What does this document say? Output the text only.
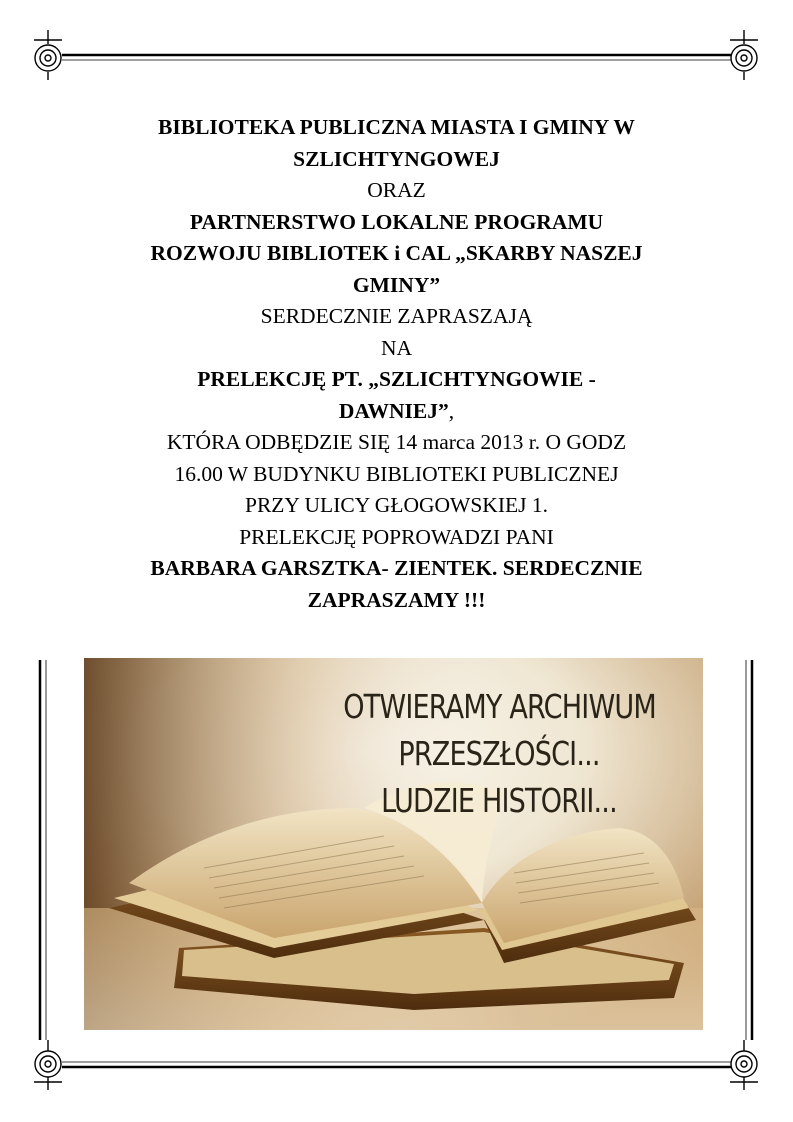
BIBLIOTEKA PUBLICZNA MIASTA I GMINY W
SZLICHTYNGOWEJ
ORAZ
PARTNERSTWO LOKALNE PROGRAMU
ROZWOJU BIBLIOTEK i CAL „SKARBY NASZEJ
GMINY”
SERDECZNIE ZAPRASZAJĄ
NA
PRELEKCJĘ PT. „SZLICHTYNGOWIE -
DAWNIEJ”,
KTÓRA ODBĘDZIE SIĘ 14 marca 2013 r. O GODZ
16.00 W BUDYNKU BIBLIOTEKI PUBLICZNEJ
PRZY ULICY GŁOGOWSKIEJ 1.
PRELEKCJĘ POPROWADZI PANI
BARBARA GARSZTKA- ZIENTEK. SERDECZNIE
ZAPRASZAMY !!!
OTWIERAMY ARCHIWUM
PRZESZŁOŚCI...
LUDZIE HISTORII...
